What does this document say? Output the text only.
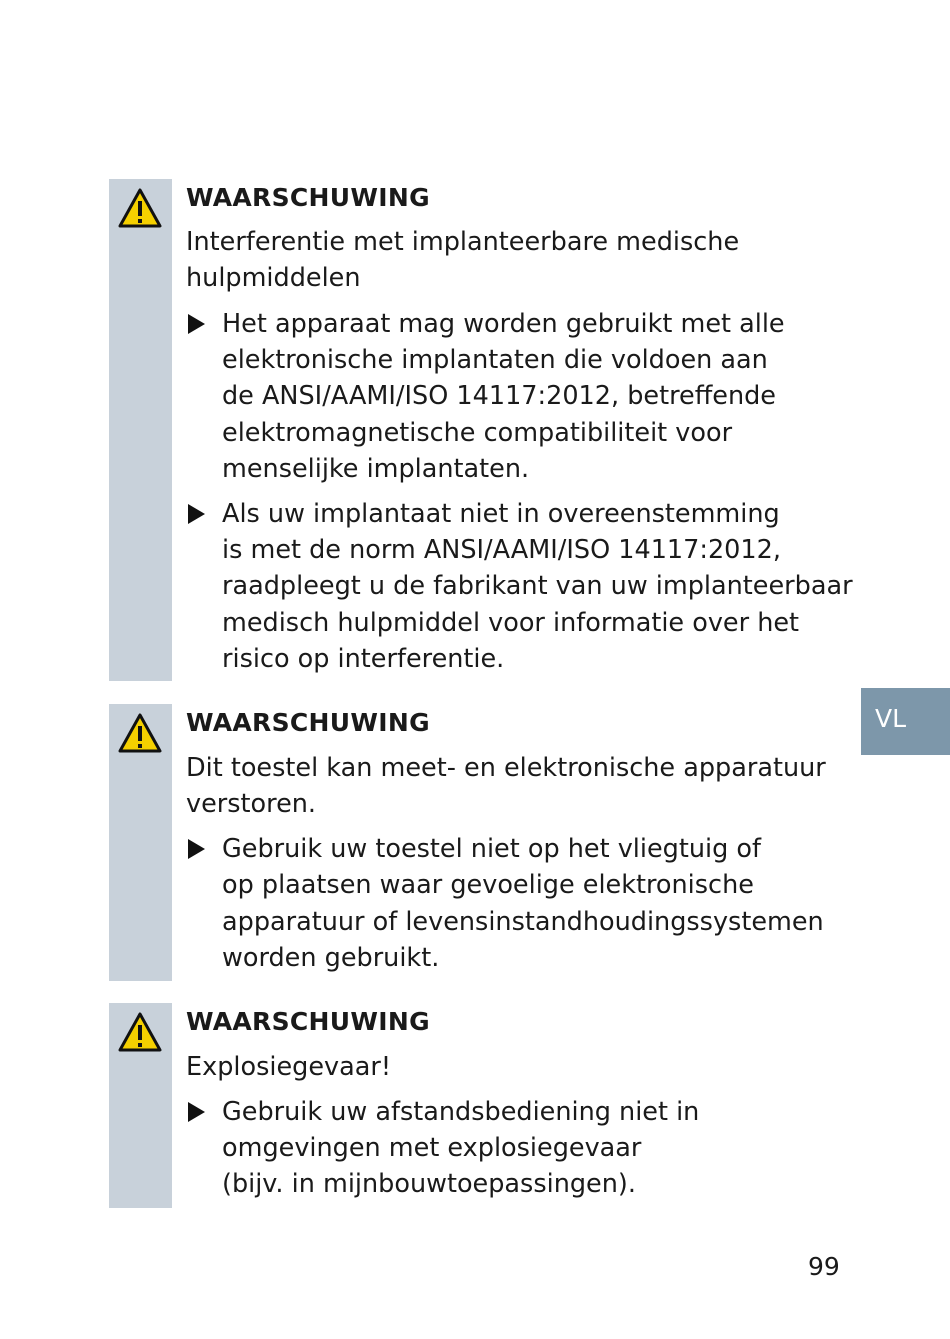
WAARSCHUWING
Interferentie met implanteerbare medische
hulpmiddelen
Het apparaat mag worden gebruikt met alle
elektronische implantaten die voldoen aan
de ANSI/AAMI/ISO 14117:2012, betreffende
elektromagnetische compatibiliteit voor
menselijke implantaten.
Als uw implantaat niet in overeenstemming
is met de norm ANSI/AAMI/ISO 14117:2012,
raadpleegt u de fabrikant van uw implanteerbaar
medisch hulpmiddel voor informatie over het
risico op interferentie.
WAARSCHUWING
Dit toestel kan meet- en elektronische apparatuur
verstoren.
Gebruik uw toestel niet op het vliegtuig of
op plaatsen waar gevoelige elektronische
apparatuur of levensinstandhoudingssystemen
worden gebruikt.
WAARSCHUWING
Explosiegevaar!
Gebruik uw afstandsbediening niet in
omgevingen met explosiegevaar
(bijv. in mijnbouwtoepassingen).
VL
99
